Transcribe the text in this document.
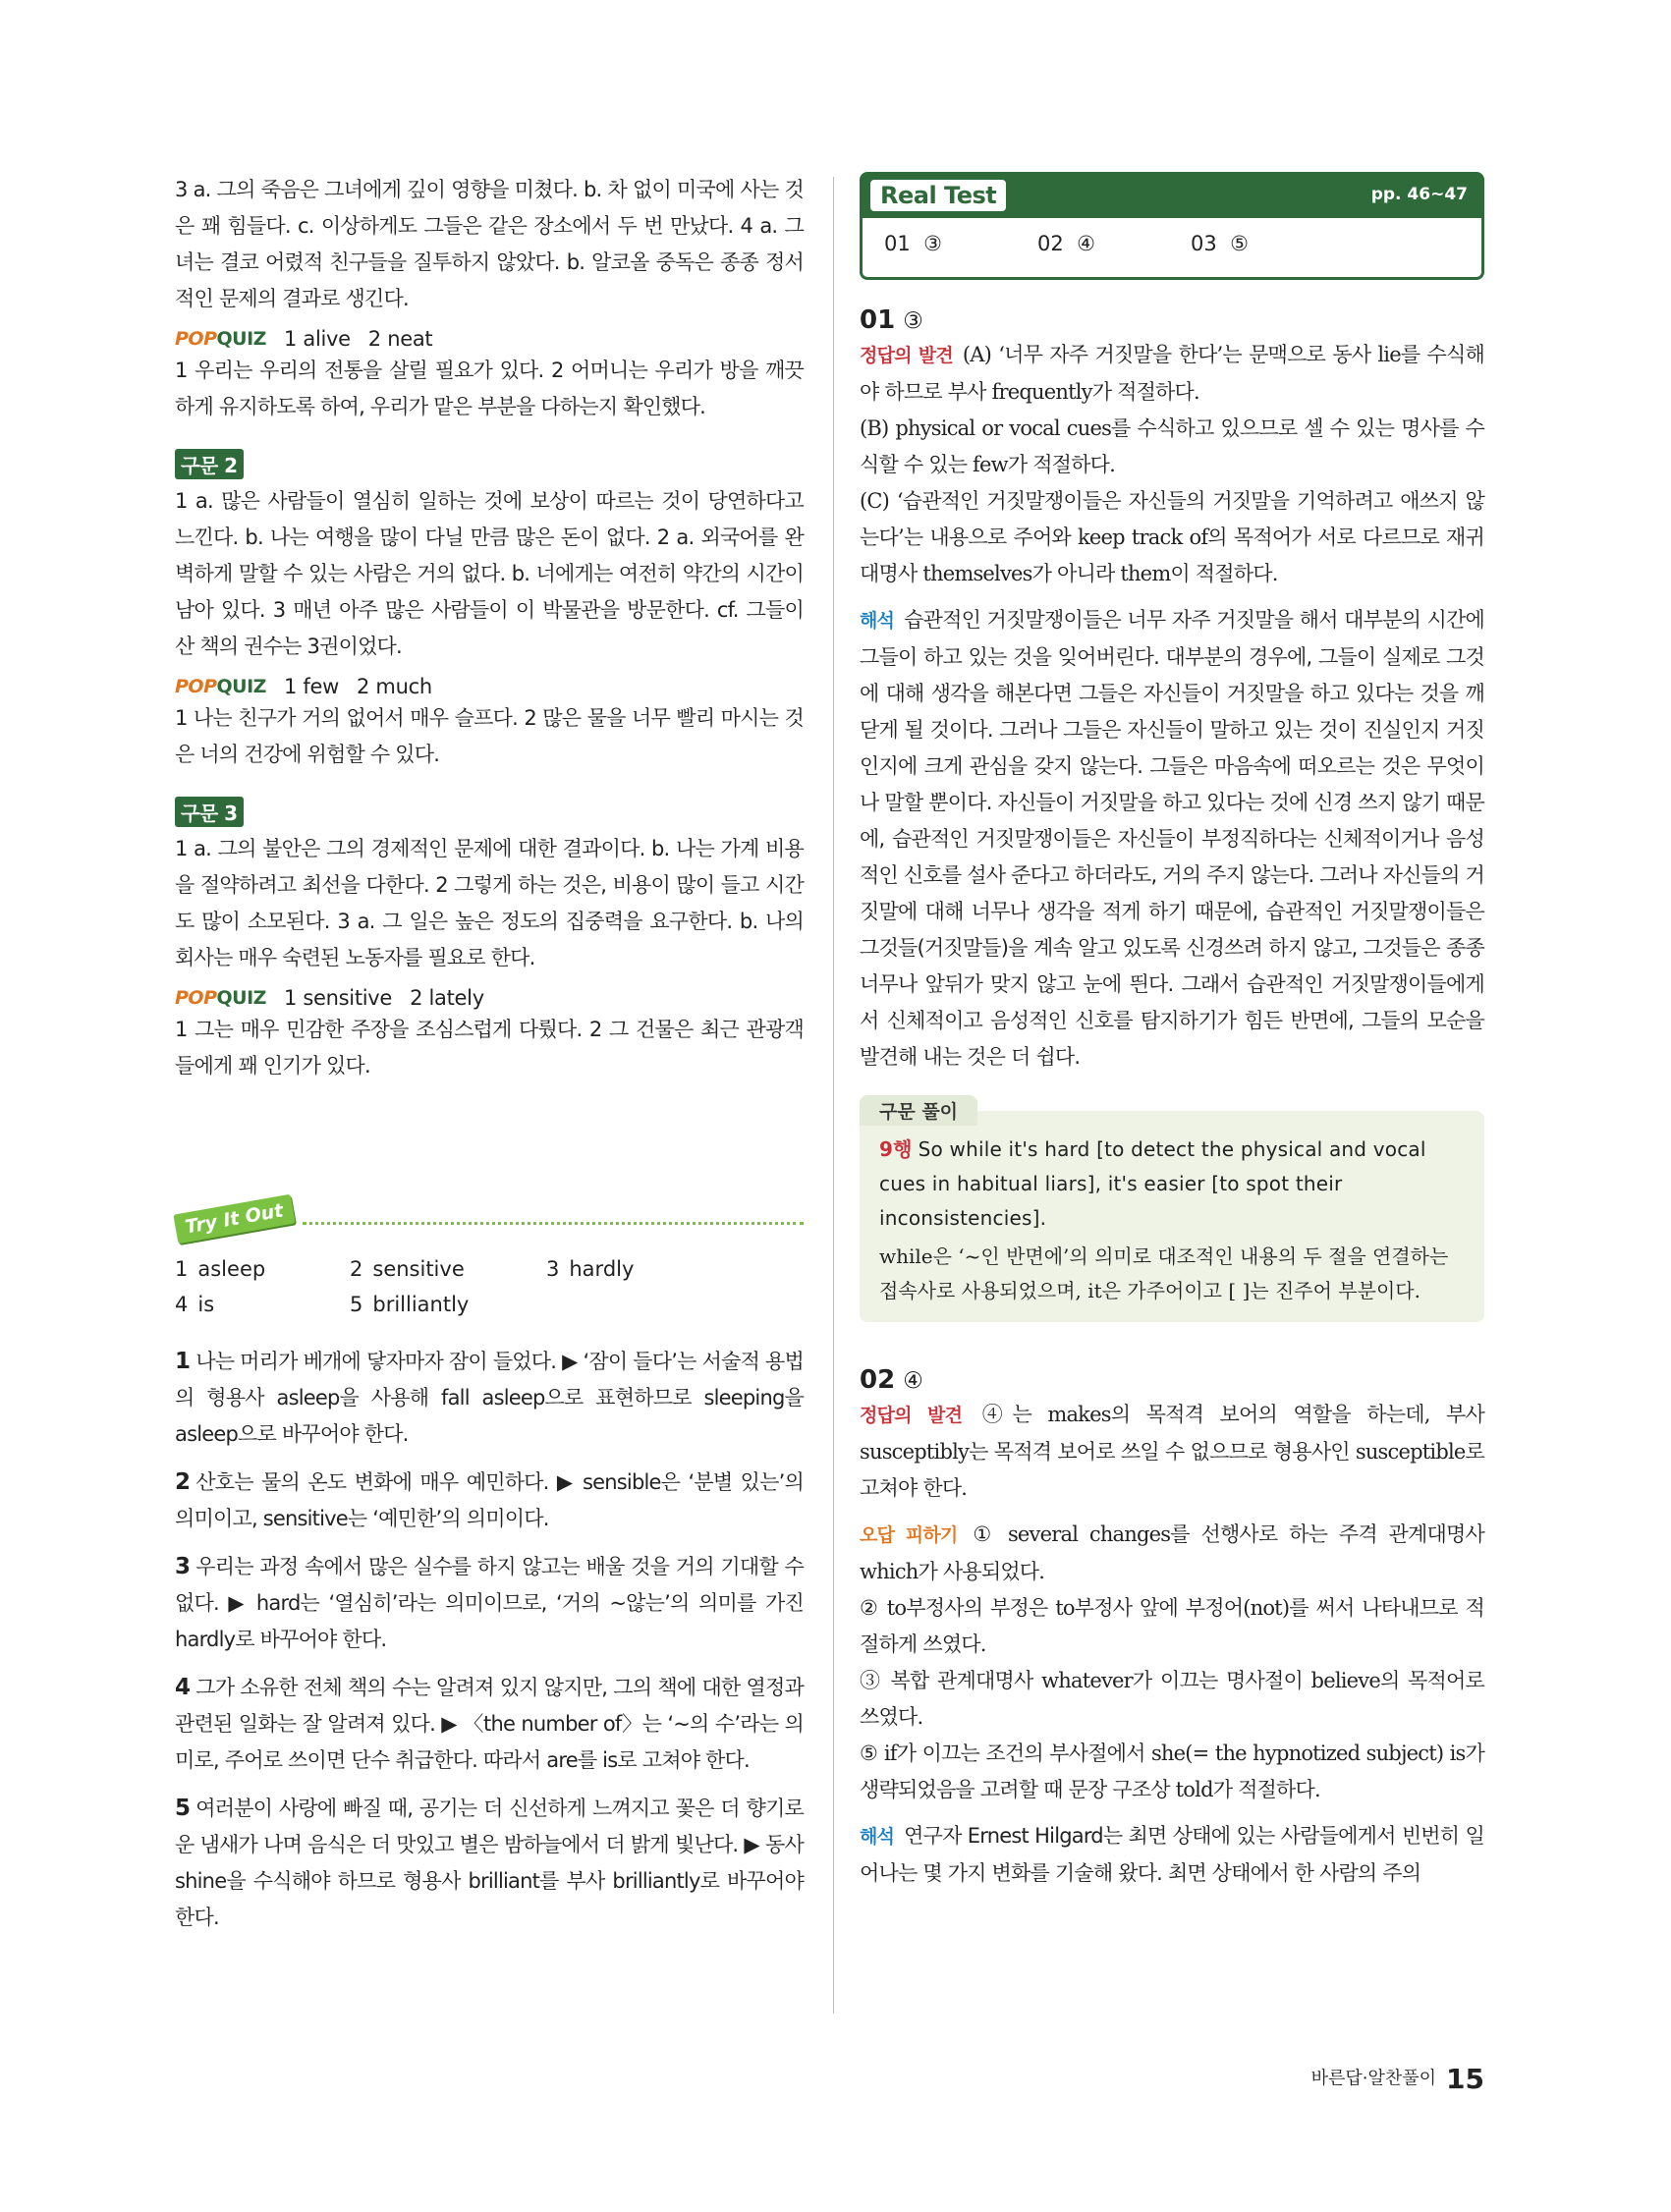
3 a. 그의 죽음은 그녀에게 깊이 영향을 미쳤다. b. 차 없이 미국에 사는 것은 꽤 힘들다. c. 이상하게도 그들은 같은 장소에서 두 번 만났다. 4 a. 그녀는 결코 어렸적 친구들을 질투하지 않았다. b. 알코올 중독은 종종 정서적인 문제의 결과로 생긴다.

POPQUIZ 1 alive 2 neat

1 우리는 우리의 전통을 살릴 필요가 있다. 2 어머니는 우리가 방을 깨끗하게 유지하도록 하여, 우리가 맡은 부분을 다하는지 확인했다.

구문 2

1 a. 많은 사람들이 열심히 일하는 것에 보상이 따르는 것이 당연하다고 느낀다. b. 나는 여행을 많이 다닐 만큼 많은 돈이 없다. 2 a. 외국어를 완벽하게 말할 수 있는 사람은 거의 없다. b. 너에게는 여전히 약간의 시간이 남아 있다. 3 매년 아주 많은 사람들이 이 박물관을 방문한다. cf. 그들이 산 책의 권수는 3권이었다.

POPQUIZ 1 few 2 much

1 나는 친구가 거의 없어서 매우 슬프다. 2 많은 물을 너무 빨리 마시는 것은 너의 건강에 위험할 수 있다.

구문 3

1 a. 그의 불안은 그의 경제적인 문제에 대한 결과이다. b. 나는 가계 비용을 절약하려고 최선을 다한다. 2 그렇게 하는 것은, 비용이 많이 들고 시간도 많이 소모된다. 3 a. 그 일은 높은 정도의 집중력을 요구한다. b. 나의 회사는 매우 숙련된 노동자를 필요로 한다.

POPQUIZ 1 sensitive 2 lately

1 그는 매우 민감한 주장을 조심스럽게 다뤘다. 2 그 건물은 최근 관광객들에게 꽤 인기가 있다.

Try It Out
1 asleep	2 sensitive	3 hardly
4 is	5 brilliantly

1 나는 머리가 베개에 닿자마자 잠이 들었다. ▶ ‘잠이 들다’는 서술적 용법의 형용사 asleep을 사용해 fall asleep으로 표현하므로 sleeping을 asleep으로 바꾸어야 한다.

2 산호는 물의 온도 변화에 매우 예민하다. ▶ sensible은 ‘분별 있는’의 의미이고, sensitive는 ‘예민한’의 의미이다.

3 우리는 과정 속에서 많은 실수를 하지 않고는 배울 것을 거의 기대할 수 없다. ▶ hard는 ‘열심히’라는 의미이므로, ‘거의 ~않는’의 의미를 가진 hardly로 바꾸어야 한다.

4 그가 소유한 전체 책의 수는 알려져 있지 않지만, 그의 책에 대한 열정과 관련된 일화는 잘 알려져 있다. ▶ 〈the number of〉는 ‘~의 수’라는 의미로, 주어로 쓰이면 단수 취급한다. 따라서 are를 is로 고쳐야 한다.

5 여러분이 사랑에 빠질 때, 공기는 더 신선하게 느껴지고 꽃은 더 향기로운 냄새가 나며 음식은 더 맛있고 별은 밤하늘에서 더 밝게 빛난다. ▶ 동사 shine을 수식해야 하므로 형용사 brilliant를 부사 brilliantly로 바꾸어야 한다.

Real Test	pp. 46~47
01 ③	02 ④	03 ⑤
01 ③

정답의 발견 (A) ‘너무 자주 거짓말을 한다’는 문맥으로 동사 lie를 수식해야 하므로 부사 frequently가 적절하다.

(B) physical or vocal cues를 수식하고 있으므로 셀 수 있는 명사를 수식할 수 있는 few가 적절하다.

(C) ‘습관적인 거짓말쟁이들은 자신들의 거짓말을 기억하려고 애쓰지 않는다’는 내용으로 주어와 keep track of의 목적어가 서로 다르므로 재귀대명사 themselves가 아니라 them이 적절하다.

해석 습관적인 거짓말쟁이들은 너무 자주 거짓말을 해서 대부분의 시간에 그들이 하고 있는 것을 잊어버린다. 대부분의 경우에, 그들이 실제로 그것에 대해 생각을 해본다면 그들은 자신들이 거짓말을 하고 있다는 것을 깨닫게 될 것이다. 그러나 그들은 자신들이 말하고 있는 것이 진실인지 거짓인지에 크게 관심을 갖지 않는다. 그들은 마음속에 떠오르는 것은 무엇이나 말할 뿐이다. 자신들이 거짓말을 하고 있다는 것에 신경 쓰지 않기 때문에, 습관적인 거짓말쟁이들은 자신들이 부정직하다는 신체적이거나 음성적인 신호를 설사 준다고 하더라도, 거의 주지 않는다. 그러나 자신들의 거짓말에 대해 너무나 생각을 적게 하기 때문에, 습관적인 거짓말쟁이들은 그것들(거짓말들)을 계속 알고 있도록 신경쓰려 하지 않고, 그것들은 종종 너무나 앞뒤가 맞지 않고 눈에 띈다. 그래서 습관적인 거짓말쟁이들에게서 신체적이고 음성적인 신호를 탐지하기가 힘든 반면에, 그들의 모순을 발견해 내는 것은 더 쉽다.

구문 풀이
9행 So while it's hard [to detect the physical and vocal cues in habitual liars], it's easier [to spot their inconsistencies].
while은 ‘~인 반면에’의 의미로 대조적인 내용의 두 절을 연결하는 접속사로 사용되었으며, it은 가주어이고 [ ]는 진주어 부분이다.
02 ④

정답의 발견 ④는 makes의 목적격 보어의 역할을 하는데, 부사 susceptibly는 목적격 보어로 쓰일 수 없으므로 형용사인 susceptible로 고쳐야 한다.

오답 피하기 ① several changes를 선행사로 하는 주격 관계대명사 which가 사용되었다.

② to부정사의 부정은 to부정사 앞에 부정어(not)를 써서 나타내므로 적절하게 쓰였다.

③ 복합 관계대명사 whatever가 이끄는 명사절이 believe의 목적어로 쓰였다.

⑤ if가 이끄는 조건의 부사절에서 she(= the hypnotized subject) is가 생략되었음을 고려할 때 문장 구조상 told가 적절하다.

해석 연구자 Ernest Hilgard는 최면 상태에 있는 사람들에게서 빈번히 일어나는 몇 가지 변화를 기술해 왔다. 최면 상태에서 한 사람의 주의

바른답·알찬풀이 15
